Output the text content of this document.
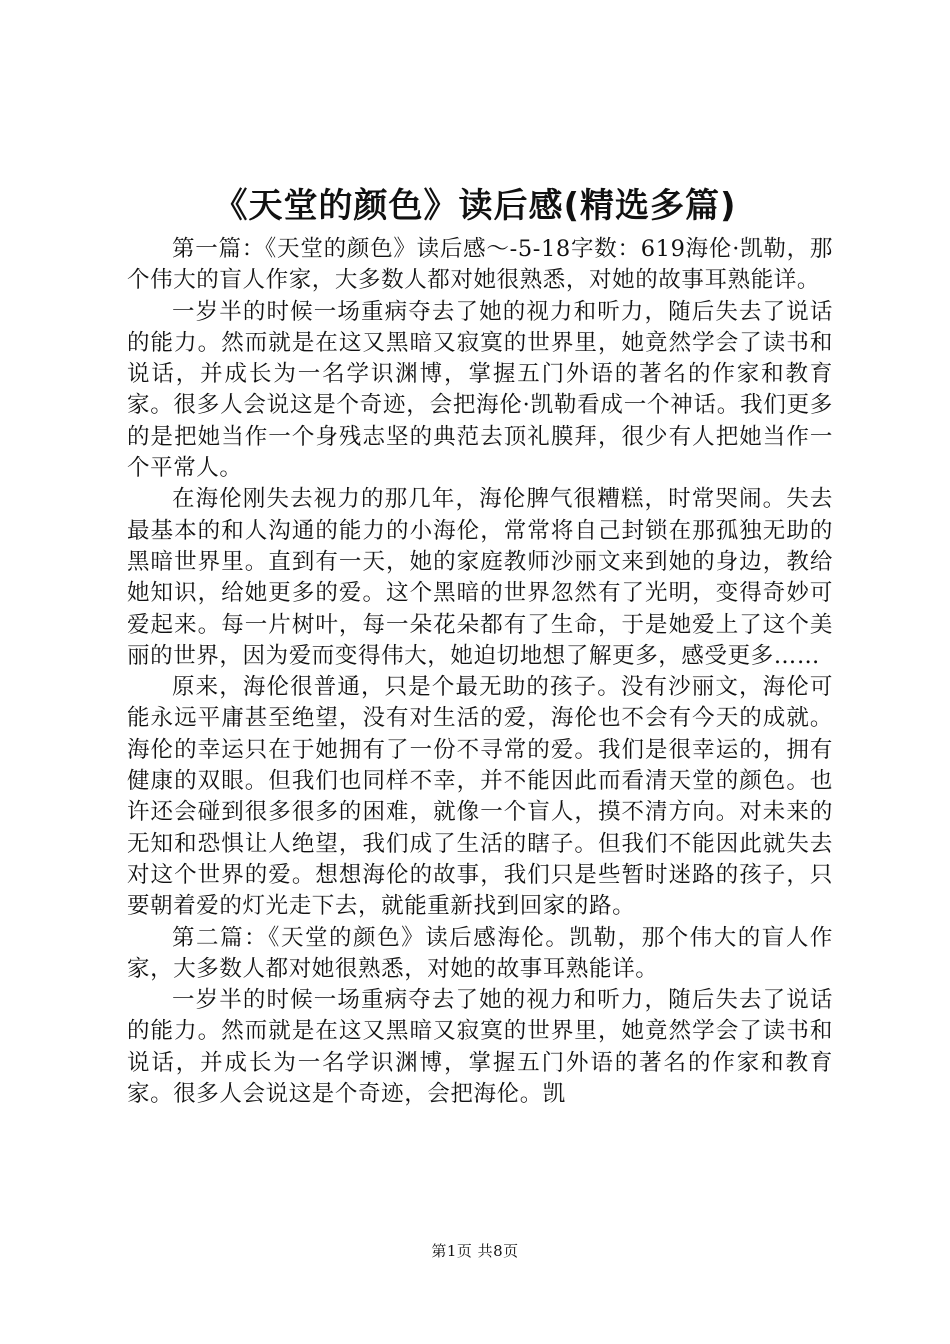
《天堂的颜色》读后感(精选多篇)

第一篇：《天堂的颜色》读后感～-5-18字数：619海伦·凯勒，那个伟大的盲人作家，大多数人都对她很熟悉，对她的故事耳熟能详。

一岁半的时候一场重病夺去了她的视力和听力，随后失去了说话的能力。然而就是在这又黑暗又寂寞的世界里，她竟然学会了读书和说话，并成长为一名学识渊博，掌握五门外语的著名的作家和教育家。很多人会说这是个奇迹，会把海伦·凯勒看成一个神话。我们更多的是把她当作一个身残志坚的典范去顶礼膜拜，很少有人把她当作一个平常人。

在海伦刚失去视力的那几年，海伦脾气很糟糕，时常哭闹。失去最基本的和人沟通的能力的小海伦，常常将自己封锁在那孤独无助的黑暗世界里。直到有一天，她的家庭教师沙丽文来到她的身边，教给她知识，给她更多的爱。这个黑暗的世界忽然有了光明，变得奇妙可爱起来。每一片树叶，每一朵花朵都有了生命，于是她爱上了这个美丽的世界，因为爱而变得伟大，她迫切地想了解更多，感受更多……

原来，海伦很普通，只是个最无助的孩子。没有沙丽文，海伦可能永远平庸甚至绝望，没有对生活的爱，海伦也不会有今天的成就。海伦的幸运只在于她拥有了一份不寻常的爱。我们是很幸运的，拥有健康的双眼。但我们也同样不幸，并不能因此而看清天堂的颜色。也许还会碰到很多很多的困难，就像一个盲人，摸不清方向。对未来的无知和恐惧让人绝望，我们成了生活的瞎子。但我们不能因此就失去对这个世界的爱。想想海伦的故事，我们只是些暂时迷路的孩子，只要朝着爱的灯光走下去，就能重新找到回家的路。

第二篇：《天堂的颜色》读后感海伦。凯勒，那个伟大的盲人作家，大多数人都对她很熟悉，对她的故事耳熟能详。

一岁半的时候一场重病夺去了她的视力和听力，随后失去了说话的能力。然而就是在这又黑暗又寂寞的世界里，她竟然学会了读书和说话，并成长为一名学识渊博，掌握五门外语的著名的作家和教育家。很多人会说这是个奇迹，会把海伦。凯

第1页 共8页
